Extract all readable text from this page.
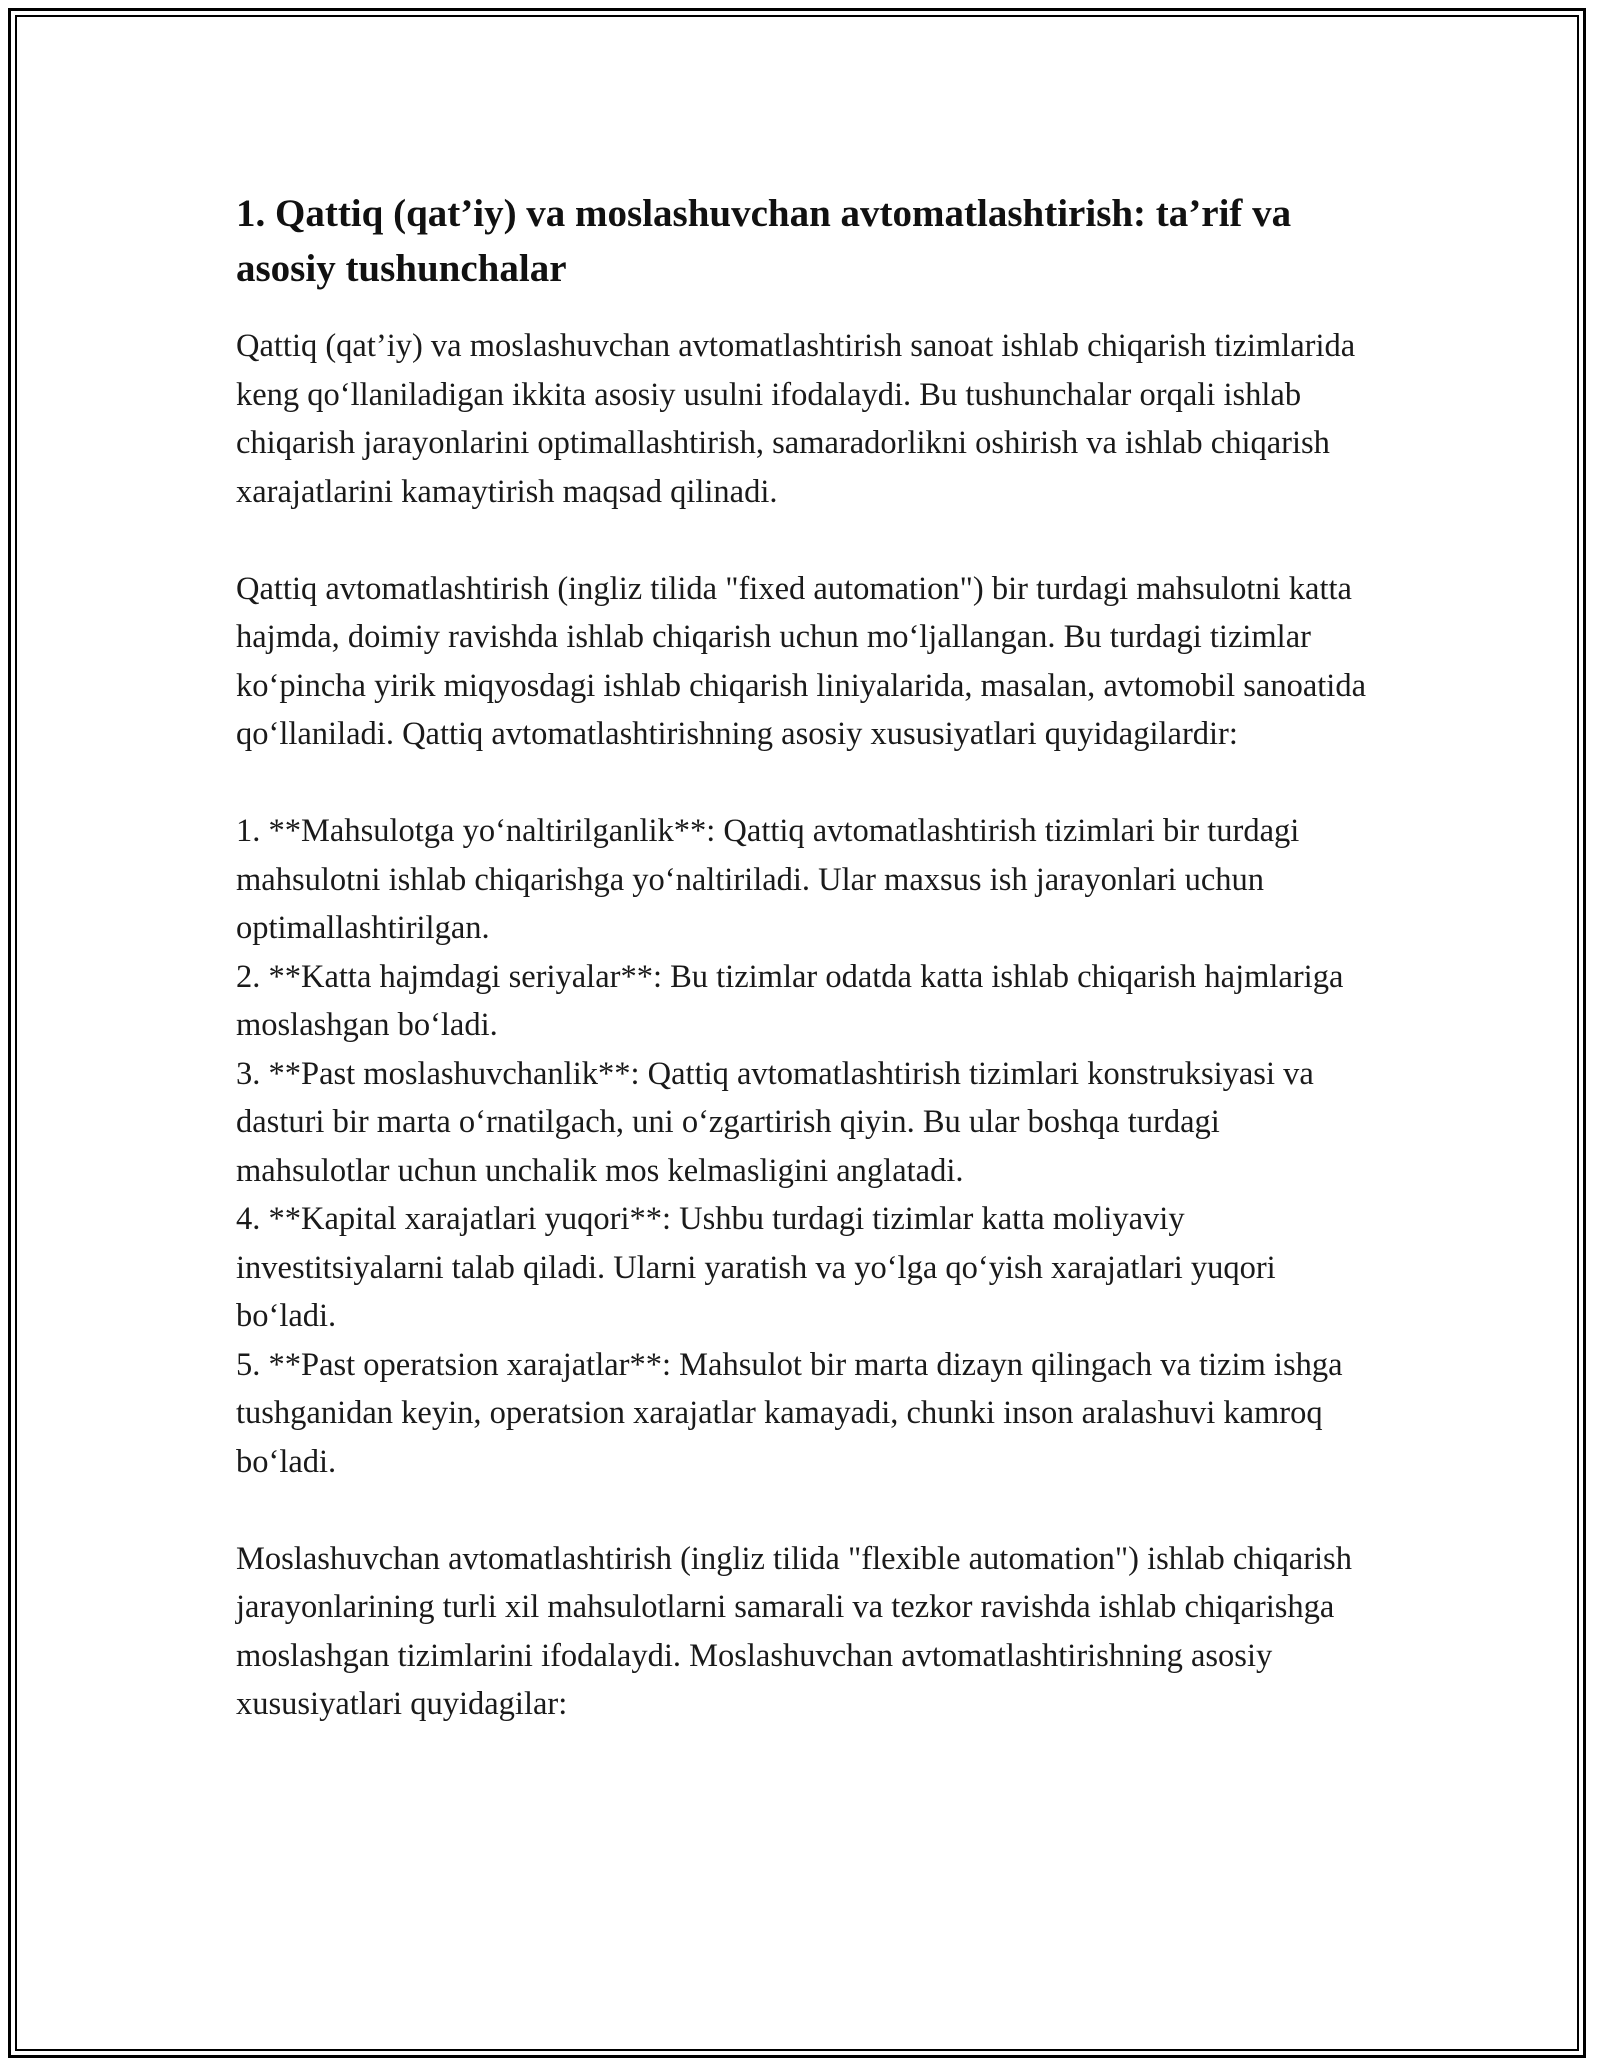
1. Qattiq (qat’iy) va moslashuvchan avtomatlashtirish: ta’rif va asosiy tushunchalar

Qattiq (qat’iy) va moslashuvchan avtomatlashtirish sanoat ishlab chiqarish tizimlarida keng qo‘llaniladigan ikkita asosiy usulni ifodalaydi. Bu tushunchalar orqali ishlab chiqarish jarayonlarini optimallashtirish, samaradorlikni oshirish va ishlab chiqarish xarajatlarini kamaytirish maqsad qilinadi.

Qattiq avtomatlashtirish (ingliz tilida "fixed automation") bir turdagi mahsulotni katta hajmda, doimiy ravishda ishlab chiqarish uchun mo‘ljallangan. Bu turdagi tizimlar ko‘pincha yirik miqyosdagi ishlab chiqarish liniyalarida, masalan, avtomobil sanoatida qo‘llaniladi. Qattiq avtomatlashtirishning asosiy xususiyatlari quyidagilardir:

1. **Mahsulotga yo‘naltirilganlik**: Qattiq avtomatlashtirish tizimlari bir turdagi mahsulotni ishlab chiqarishga yo‘naltiriladi. Ular maxsus ish jarayonlari uchun optimallashtirilgan.
2. **Katta hajmdagi seriyalar**: Bu tizimlar odatda katta ishlab chiqarish hajmlariga moslashgan bo‘ladi.
3. **Past moslashuvchanlik**: Qattiq avtomatlashtirish tizimlari konstruksiyasi va dasturi bir marta o‘rnatilgach, uni o‘zgartirish qiyin. Bu ular boshqa turdagi mahsulotlar uchun unchalik mos kelmasligini anglatadi.
4. **Kapital xarajatlari yuqori**: Ushbu turdagi tizimlar katta moliyaviy investitsiyalarni talab qiladi. Ularni yaratish va yo‘lga qo‘yish xarajatlari yuqori bo‘ladi.
5. **Past operatsion xarajatlar**: Mahsulot bir marta dizayn qilingach va tizim ishga tushganidan keyin, operatsion xarajatlar kamayadi, chunki inson aralashuvi kamroq bo‘ladi.

Moslashuvchan avtomatlashtirish (ingliz tilida "flexible automation") ishlab chiqarish jarayonlarining turli xil mahsulotlarni samarali va tezkor ravishda ishlab chiqarishga moslashgan tizimlarini ifodalaydi. Moslashuvchan avtomatlashtirishning asosiy xususiyatlari quyidagilar:
